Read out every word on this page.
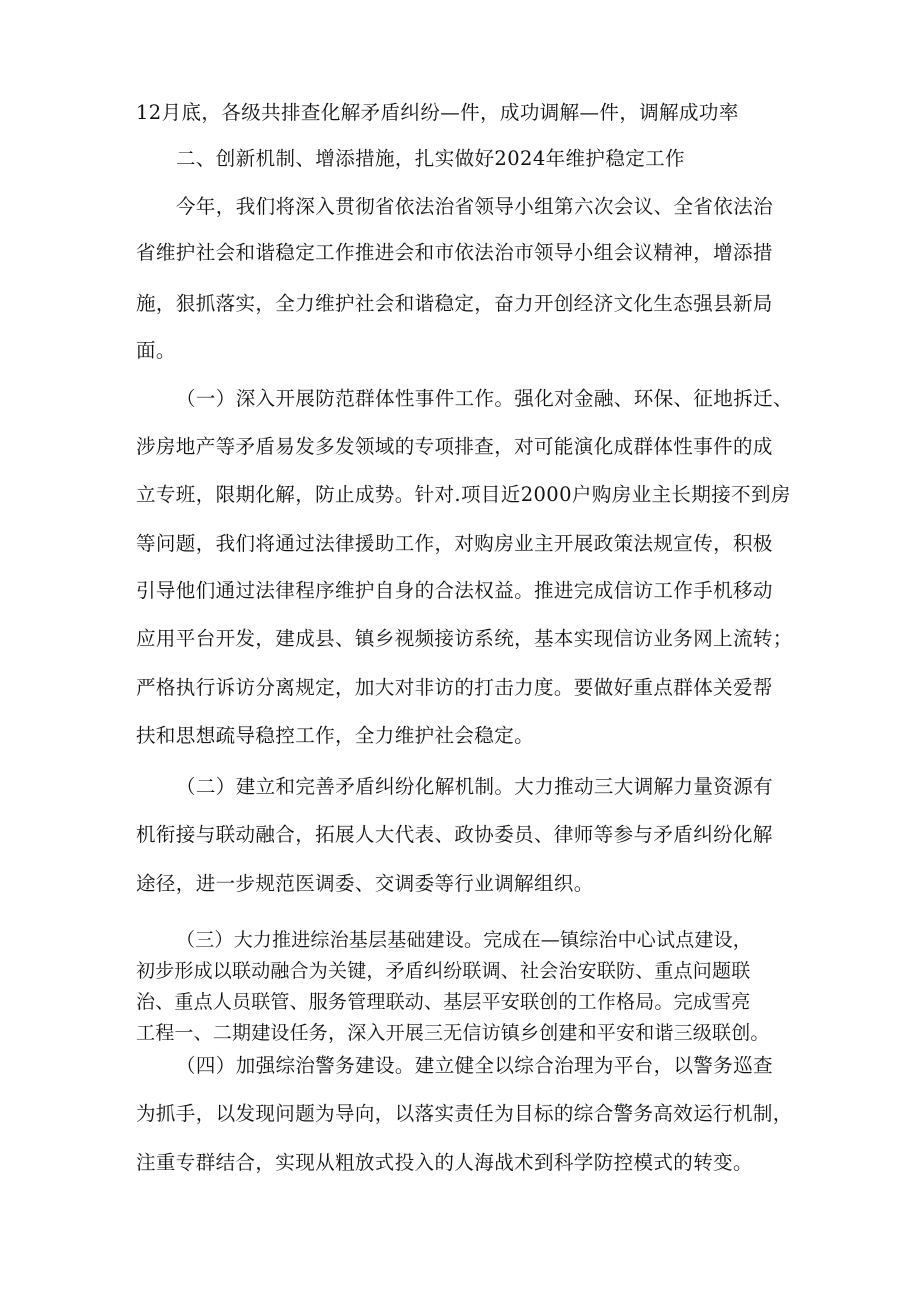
12月底，各级共排查化解矛盾纠纷—件，成功调解—件，调解成功率
二、创新机制、增添措施，扎实做好2024年维护稳定工作
今年，我们将深入贯彻省依法治省领导小组第六次会议、全省依法治
省维护社会和谐稳定工作推进会和市依法治市领导小组会议精神，增添措
施，狠抓落实，全力维护社会和谐稳定，奋力开创经济文化生态强县新局
面。
（一）深入开展防范群体性事件工作。强化对金融、环保、征地拆迁、
涉房地产等矛盾易发多发领域的专项排查，对可能演化成群体性事件的成
立专班，限期化解，防止成势。针对.项目近2000户购房业主长期接不到房
等问题，我们将通过法律援助工作，对购房业主开展政策法规宣传，积极
引导他们通过法律程序维护自身的合法权益。推进完成信访工作手机移动
应用平台开发，建成县、镇乡视频接访系统，基本实现信访业务网上流转；
严格执行诉访分离规定，加大对非访的打击力度。要做好重点群体关爱帮
扶和思想疏导稳控工作，全力维护社会稳定。
（二）建立和完善矛盾纠纷化解机制。大力推动三大调解力量资源有
机衔接与联动融合，拓展人大代表、政协委员、律师等参与矛盾纠纷化解
途径，进一步规范医调委、交调委等行业调解组织。
（三）大力推进综治基层基础建设。完成在—镇综治中心试点建设，
初步形成以联动融合为关键，矛盾纠纷联调、社会治安联防、重点问题联
治、重点人员联管、服务管理联动、基层平安联创的工作格局。完成雪亮
工程一、二期建设任务，深入开展三无信访镇乡创建和平安和谐三级联创。
（四）加强综治警务建设。建立健全以综合治理为平台，以警务巡查
为抓手，以发现问题为导向，以落实责任为目标的综合警务高效运行机制，
注重专群结合，实现从粗放式投入的人海战术到科学防控模式的转变。
